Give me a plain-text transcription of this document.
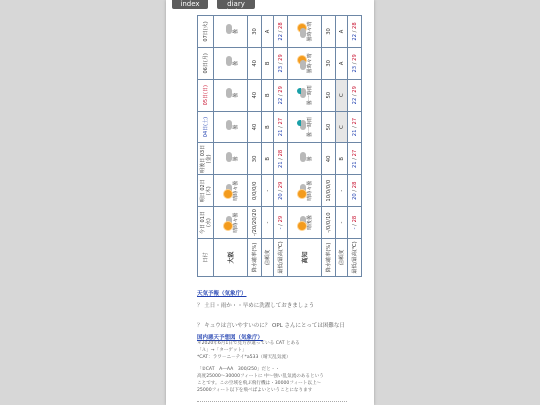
index	diary index
日付	今日 01日(水)	明日 02日(木)	明後日 03日(金)	04日(土)	05日(日)	06日(月)	07日(火)
大阪	晴時々曇	晴時々曇	曇	曇	曇	曇	曇

降水確率(%)	-/20/20/20	0/0/0/0	30	40	40	40	30
信頼度	-	-	B	B	B	B	A
最低/最高(℃)	- / 29	20 / 29	21 / 28	21 / 27	22 / 29	23 / 29	22 / 28
高知	晴後曇	晴時々曇	曇	曇一時雨	曇一時雨	曇時々晴	曇時々晴

降水確率(%)	-/0/0/10	10/0/0/0	40	50	50	30	30
信頼度	-	-	B	C	C	A	A
最低/最高(℃)	- / 28	20 / 28	21 / 27	21 / 27	22 / 29	23 / 29	22 / 28
天気予報（気象庁）
？ 土日・雨か・・早めに洗濯しておきましょう
？ キュウは言いやすいのに？ OPL さんにとっては困難な日
国内悪天予想図（気象庁）
＊2020年6月1日で見方が違っている CAT とある
「Ａ」→「ターゲット」
*CAT：ラワ－ニ－テイ*a533（晴天乱気流）
「②CAT　A―AA　300/250」だと・・
高度25000〜30000フィートに 中〜強い乱気流のあるという
ことです。この空域を飛ぶ飛行機は・30000フィート以上～
25000フィート以下を飛べばよいということになります
